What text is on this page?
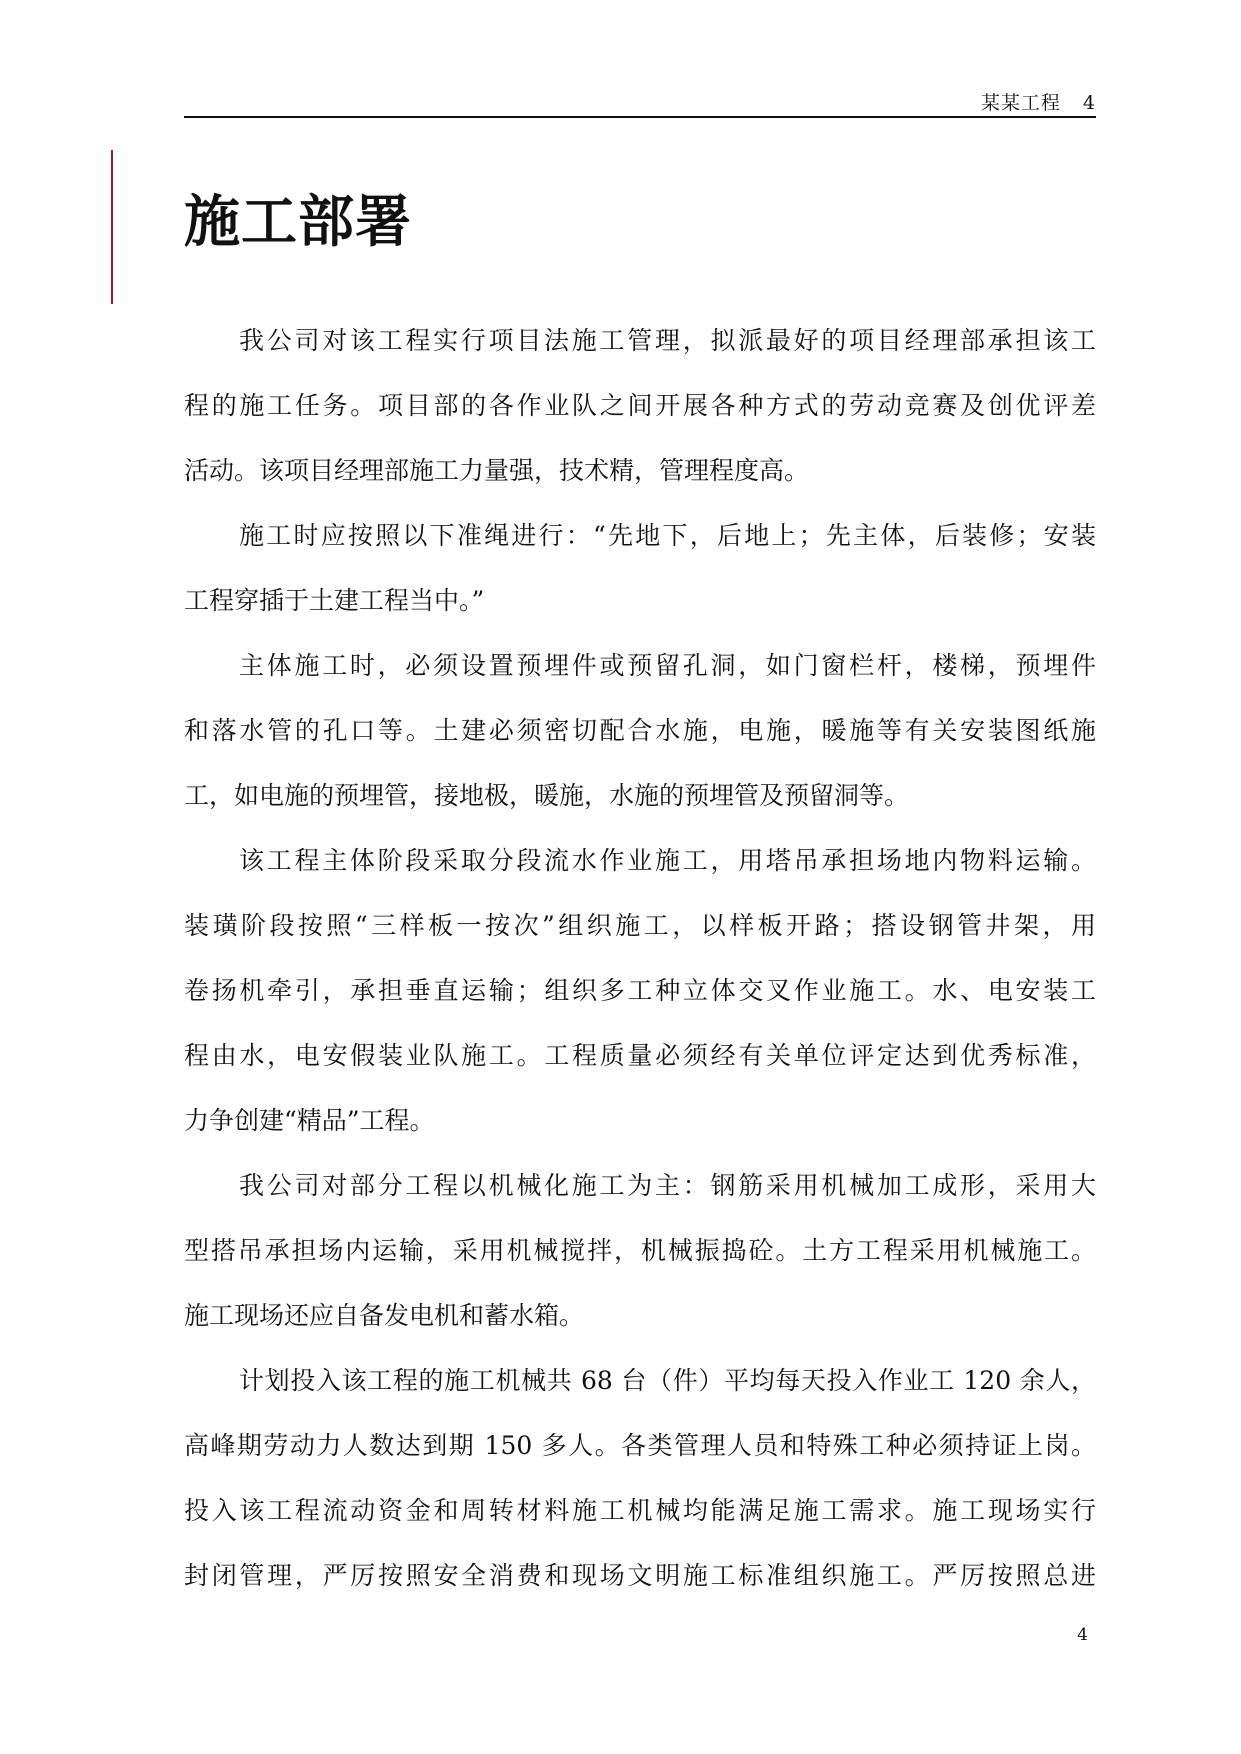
某某工程 4
施工部署
我公司对该工程实行项目法施工管理，拟派最好的项目经理部承担该工
程的施工任务。项目部的各作业队之间开展各种方式的劳动竞赛及创优评差
活动。该项目经理部施工力量强，技术精，管理程度高。
施工时应按照以下准绳进行：“先地下，后地上；先主体，后装修；安装
工程穿插于土建工程当中。”
主体施工时，必须设置预埋件或预留孔洞，如门窗栏杆，楼梯，预埋件
和落水管的孔口等。土建必须密切配合水施，电施，暖施等有关安装图纸施
工，如电施的预埋管，接地极，暖施，水施的预埋管及预留洞等。
该工程主体阶段采取分段流水作业施工，用塔吊承担场地内物料运输。
装璜阶段按照“三样板一按次”组织施工，以样板开路；搭设钢管井架，用
卷扬机牵引，承担垂直运输；组织多工种立体交叉作业施工。水、电安装工
程由水，电安假装业队施工。工程质量必须经有关单位评定达到优秀标准，
力争创建“精品”工程。
我公司对部分工程以机械化施工为主：钢筋采用机械加工成形，采用大
型搭吊承担场内运输，采用机械搅拌，机械振捣砼。土方工程采用机械施工。
施工现场还应自备发电机和蓄水箱。
计划投入该工程的施工机械共 68 台（件）平均每天投入作业工 120 余人，
高峰期劳动力人数达到期 150 多人。各类管理人员和特殊工种必须持证上岗。
投入该工程流动资金和周转材料施工机械均能满足施工需求。施工现场实行
封闭管理，严厉按照安全消费和现场文明施工标准组织施工。严厉按照总进
4
